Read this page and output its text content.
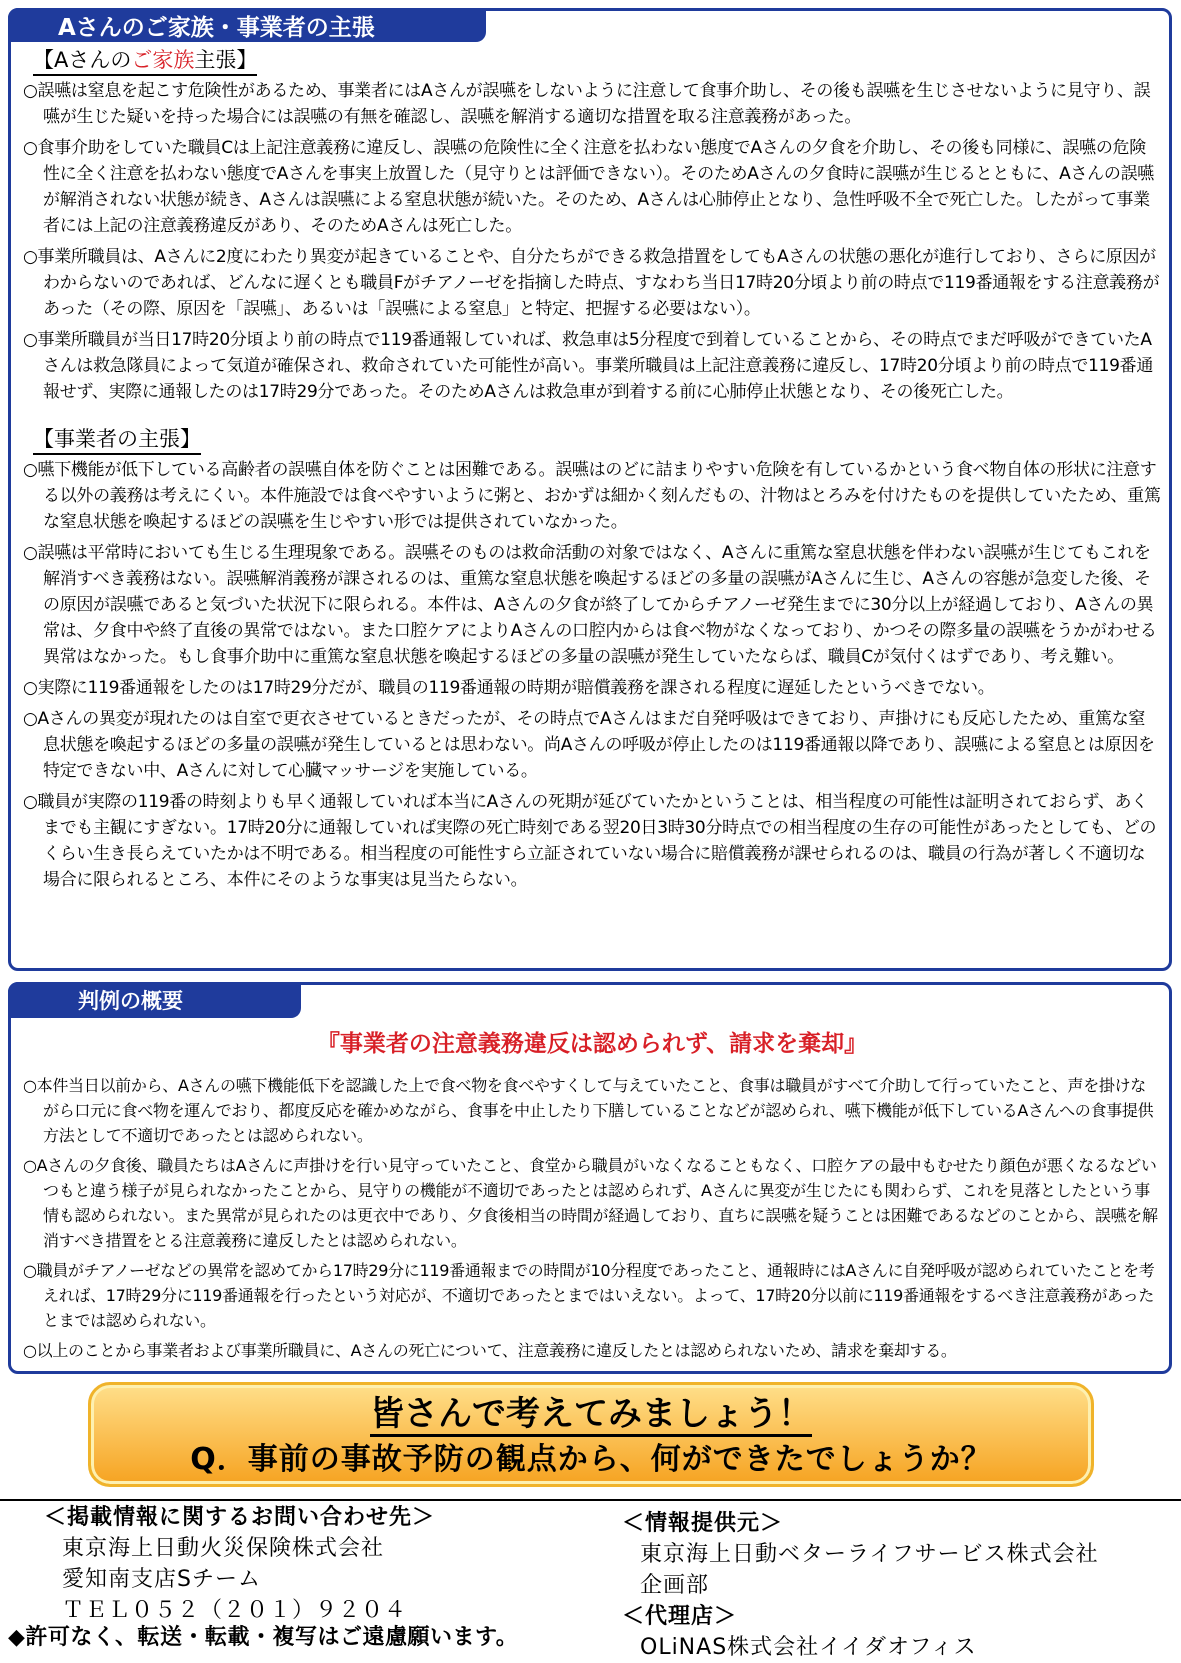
Aさんのご家族・事業者の主張
【Aさんのご家族主張】

○誤嚥は窒息を起こす危険性があるため、事業者にはAさんが誤嚥をしないように注意して食事介助し、その後も誤嚥を生じさせないように見守り、誤嚥が生じた疑いを持った場合には誤嚥の有無を確認し、誤嚥を解消する適切な措置を取る注意義務があった。

○食事介助をしていた職員Cは上記注意義務に違反し、誤嚥の危険性に全く注意を払わない態度でAさんの夕食を介助し、その後も同様に、誤嚥の危険性に全く注意を払わない態度でAさんを事実上放置した（見守りとは評価できない）。そのためAさんの夕食時に誤嚥が生じるとともに、Aさんの誤嚥が解消されない状態が続き、Aさんは誤嚥による窒息状態が続いた。そのため、Aさんは心肺停止となり、急性呼吸不全で死亡した。したがって事業者には上記の注意義務違反があり、そのためAさんは死亡した。

○事業所職員は、Aさんに2度にわたり異変が起きていることや、自分たちができる救急措置をしてもAさんの状態の悪化が進行しており、さらに原因がわからないのであれば、どんなに遅くとも職員Fがチアノーゼを指摘した時点、すなわち当日17時20分頃より前の時点で119番通報をする注意義務があった（その際、原因を「誤嚥」、あるいは「誤嚥による窒息」と特定、把握する必要はない）。

○事業所職員が当日17時20分頃より前の時点で119番通報していれば、救急車は5分程度で到着していることから、その時点でまだ呼吸ができていたAさんは救急隊員によって気道が確保され、救命されていた可能性が高い。事業所職員は上記注意義務に違反し、17時20分頃より前の時点で119番通報せず、実際に通報したのは17時29分であった。そのためAさんは救急車が到着する前に心肺停止状態となり、その後死亡した。

【事業者の主張】

○嚥下機能が低下している高齢者の誤嚥自体を防ぐことは困難である。誤嚥はのどに詰まりやすい危険を有しているかという食べ物自体の形状に注意する以外の義務は考えにくい。本件施設では食べやすいように粥と、おかずは細かく刻んだもの、汁物はとろみを付けたものを提供していたため、重篤な窒息状態を喚起するほどの誤嚥を生じやすい形では提供されていなかった。

○誤嚥は平常時においても生じる生理現象である。誤嚥そのものは救命活動の対象ではなく、Aさんに重篤な窒息状態を伴わない誤嚥が生じてもこれを解消すべき義務はない。誤嚥解消義務が課されるのは、重篤な窒息状態を喚起するほどの多量の誤嚥がAさんに生じ、Aさんの容態が急変した後、その原因が誤嚥であると気づいた状況下に限られる。本件は、Aさんの夕食が終了してからチアノーゼ発生までに30分以上が経過しており、Aさんの異常は、夕食中や終了直後の異常ではない。また口腔ケアによりAさんの口腔内からは食べ物がなくなっており、かつその際多量の誤嚥をうかがわせる異常はなかった。もし食事介助中に重篤な窒息状態を喚起するほどの多量の誤嚥が発生していたならば、職員Cが気付くはずであり、考え難い。

○実際に119番通報をしたのは17時29分だが、職員の119番通報の時期が賠償義務を課される程度に遅延したというべきでない。

○Aさんの異変が現れたのは自室で更衣させているときだったが、その時点でAさんはまだ自発呼吸はできており、声掛けにも反応したため、重篤な窒息状態を喚起するほどの多量の誤嚥が発生しているとは思わない。尚Aさんの呼吸が停止したのは119番通報以降であり、誤嚥による窒息とは原因を特定できない中、Aさんに対して心臓マッサージを実施している。

○職員が実際の119番の時刻よりも早く通報していれば本当にAさんの死期が延びていたかということは、相当程度の可能性は証明されておらず、あくまでも主観にすぎない。17時20分に通報していれば実際の死亡時刻である翌20日3時30分時点での相当程度の生存の可能性があったとしても、どのくらい生き長らえていたかは不明である。相当程度の可能性すら立証されていない場合に賠償義務が課せられるのは、職員の行為が著しく不適切な場合に限られるところ、本件にそのような事実は見当たらない。

判例の概要
『事業者の注意義務違反は認められず、請求を棄却』

○本件当日以前から、Aさんの嚥下機能低下を認識した上で食べ物を食べやすくして与えていたこと、食事は職員がすべて介助して行っていたこと、声を掛けながら口元に食べ物を運んでおり、都度反応を確かめながら、食事を中止したり下膳していることなどが認められ、嚥下機能が低下しているAさんへの食事提供方法として不適切であったとは認められない。

○Aさんの夕食後、職員たちはAさんに声掛けを行い見守っていたこと、食堂から職員がいなくなることもなく、口腔ケアの最中もむせたり顔色が悪くなるなどいつもと違う様子が見られなかったことから、見守りの機能が不適切であったとは認められず、Aさんに異変が生じたにも関わらず、これを見落としたという事情も認められない。また異常が見られたのは更衣中であり、夕食後相当の時間が経過しており、直ちに誤嚥を疑うことは困難であるなどのことから、誤嚥を解消すべき措置をとる注意義務に違反したとは認められない。

○職員がチアノーゼなどの異常を認めてから17時29分に119番通報までの時間が10分程度であったこと、通報時にはAさんに自発呼吸が認められていたことを考えれば、17時29分に119番通報を行ったという対応が、不適切であったとまではいえない。よって、17時20分以前に119番通報をするべき注意義務があったとまでは認められない。

○以上のことから事業者および事業所職員に、Aさんの死亡について、注意義務に違反したとは認められないため、請求を棄却する。

皆さんで考えてみましょう！
Q．事前の事故予防の観点から、何ができたでしょうか？
＜掲載情報に関するお問い合わせ先＞
東京海上日動火災保険株式会社
愛知南支店Sチーム
ＴＥＬ０５２（２０１）９２０４
＜情報提供元＞
東京海上日動ベターライフサービス株式会社
企画部
＜代理店＞
OLiNAS株式会社イイダオフィス
◆許可なく、転送・転載・複写はご遠慮願います。
